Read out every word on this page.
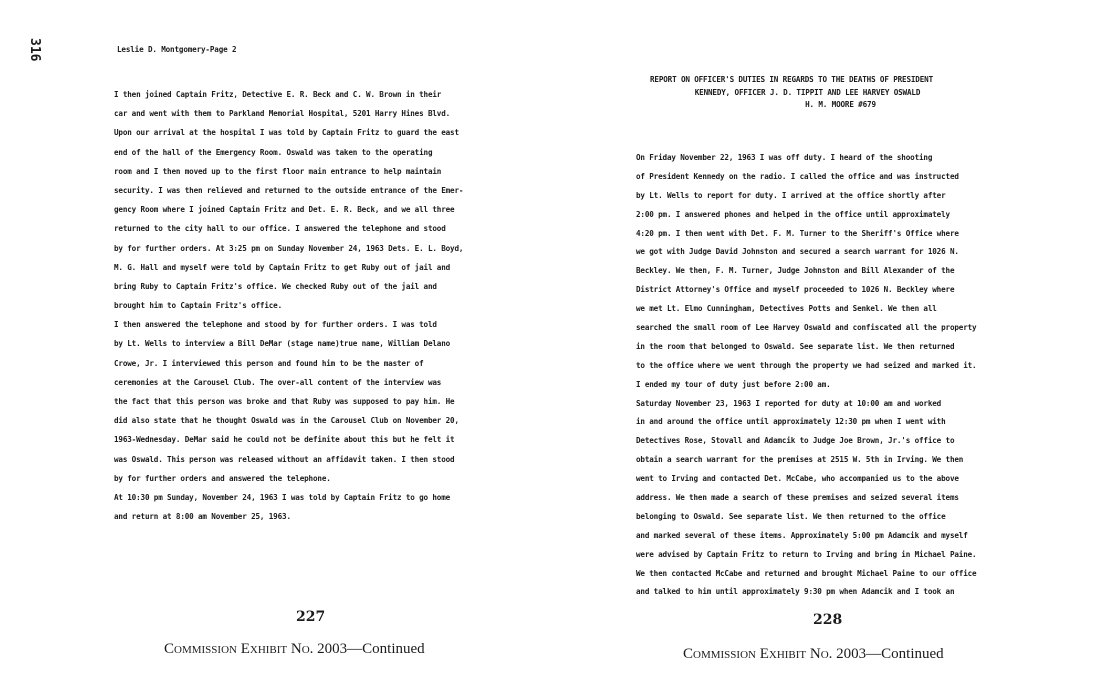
316	Leslie D. Montgomery-Page 2
I then joined Captain Fritz, Detective E. R. Beck and C. W. Brown in their
car and went with them to Parkland Memorial Hospital, 5201 Harry Hines Blvd.
Upon our arrival at the hospital I was told by Captain Fritz to guard the east
end of the hall of the Emergency Room. Oswald was taken to the operating
room and I then moved up to the first floor main entrance to help maintain
security. I was then relieved and returned to the outside entrance of the Emer-
gency Room where I joined Captain Fritz and Det. E. R. Beck, and we all three
returned to the city hall to our office. I answered the telephone and stood
by for further orders. At 3:25 pm on Sunday November 24, 1963 Dets. E. L. Boyd,
M. G. Hall and myself were told by Captain Fritz to get Ruby out of jail and
bring Ruby to Captain Fritz's office. We checked Ruby out of the jail and
brought him to Captain Fritz's office.
I then answered the telephone and stood by for further orders. I was told
by Lt. Wells to interview a Bill DeMar (stage name)true name, William Delano
Crowe, Jr. I interviewed this person and found him to be the master of
ceremonies at the Carousel Club. The over-all content of the interview was
the fact that this person was broke and that Ruby was supposed to pay him. He
did also state that he thought Oswald was in the Carousel Club on November 20,
1963-Wednesday. DeMar said he could not be definite about this but he felt it
was Oswald. This person was released without an affidavit taken. I then stood
by for further orders and answered the telephone.
At 10:30 pm Sunday, November 24, 1963 I was told by Captain Fritz to go home
and return at 8:00 am November 25, 1963.
227
Commission Exhibit No. 2003—Continued
REPORT ON OFFICER'S DUTIES IN REGARDS TO THE DEATHS OF PRESIDENT
KENNEDY, OFFICER J. D. TIPPIT AND LEE HARVEY OSWALD
H. M. MOORE #679
On Friday November 22, 1963 I was off duty. I heard of the shooting
of President Kennedy on the radio. I called the office and was instructed
by Lt. Wells to report for duty. I arrived at the office shortly after
2:00 pm. I answered phones and helped in the office until approximately
4:20 pm. I then went with Det. F. M. Turner to the Sheriff's Office where
we got with Judge David Johnston and secured a search warrant for 1026 N.
Beckley. We then, F. M. Turner, Judge Johnston and Bill Alexander of the
District Attorney's Office and myself proceeded to 1026 N. Beckley where
we met Lt. Elmo Cunningham, Detectives Potts and Senkel. We then all
searched the small room of Lee Harvey Oswald and confiscated all the property
in the room that belonged to Oswald. See separate list. We then returned
to the office where we went through the property we had seized and marked it.
I ended my tour of duty just before 2:00 am.
Saturday November 23, 1963 I reported for duty at 10:00 am and worked
in and around the office until approximately 12:30 pm when I went with
Detectives Rose, Stovall and Adamcik to Judge Joe Brown, Jr.'s office to
obtain a search warrant for the premises at 2515 W. 5th in Irving. We then
went to Irving and contacted Det. McCabe, who accompanied us to the above
address. We then made a search of these premises and seized several items
belonging to Oswald. See separate list. We then returned to the office
and marked several of these items. Approximately 5:00 pm Adamcik and myself
were advised by Captain Fritz to return to Irving and bring in Michael Paine.
We then contacted McCabe and returned and brought Michael Paine to our office
and talked to him until approximately 9:30 pm when Adamcik and I took an
228
Commission Exhibit No. 2003—Continued
